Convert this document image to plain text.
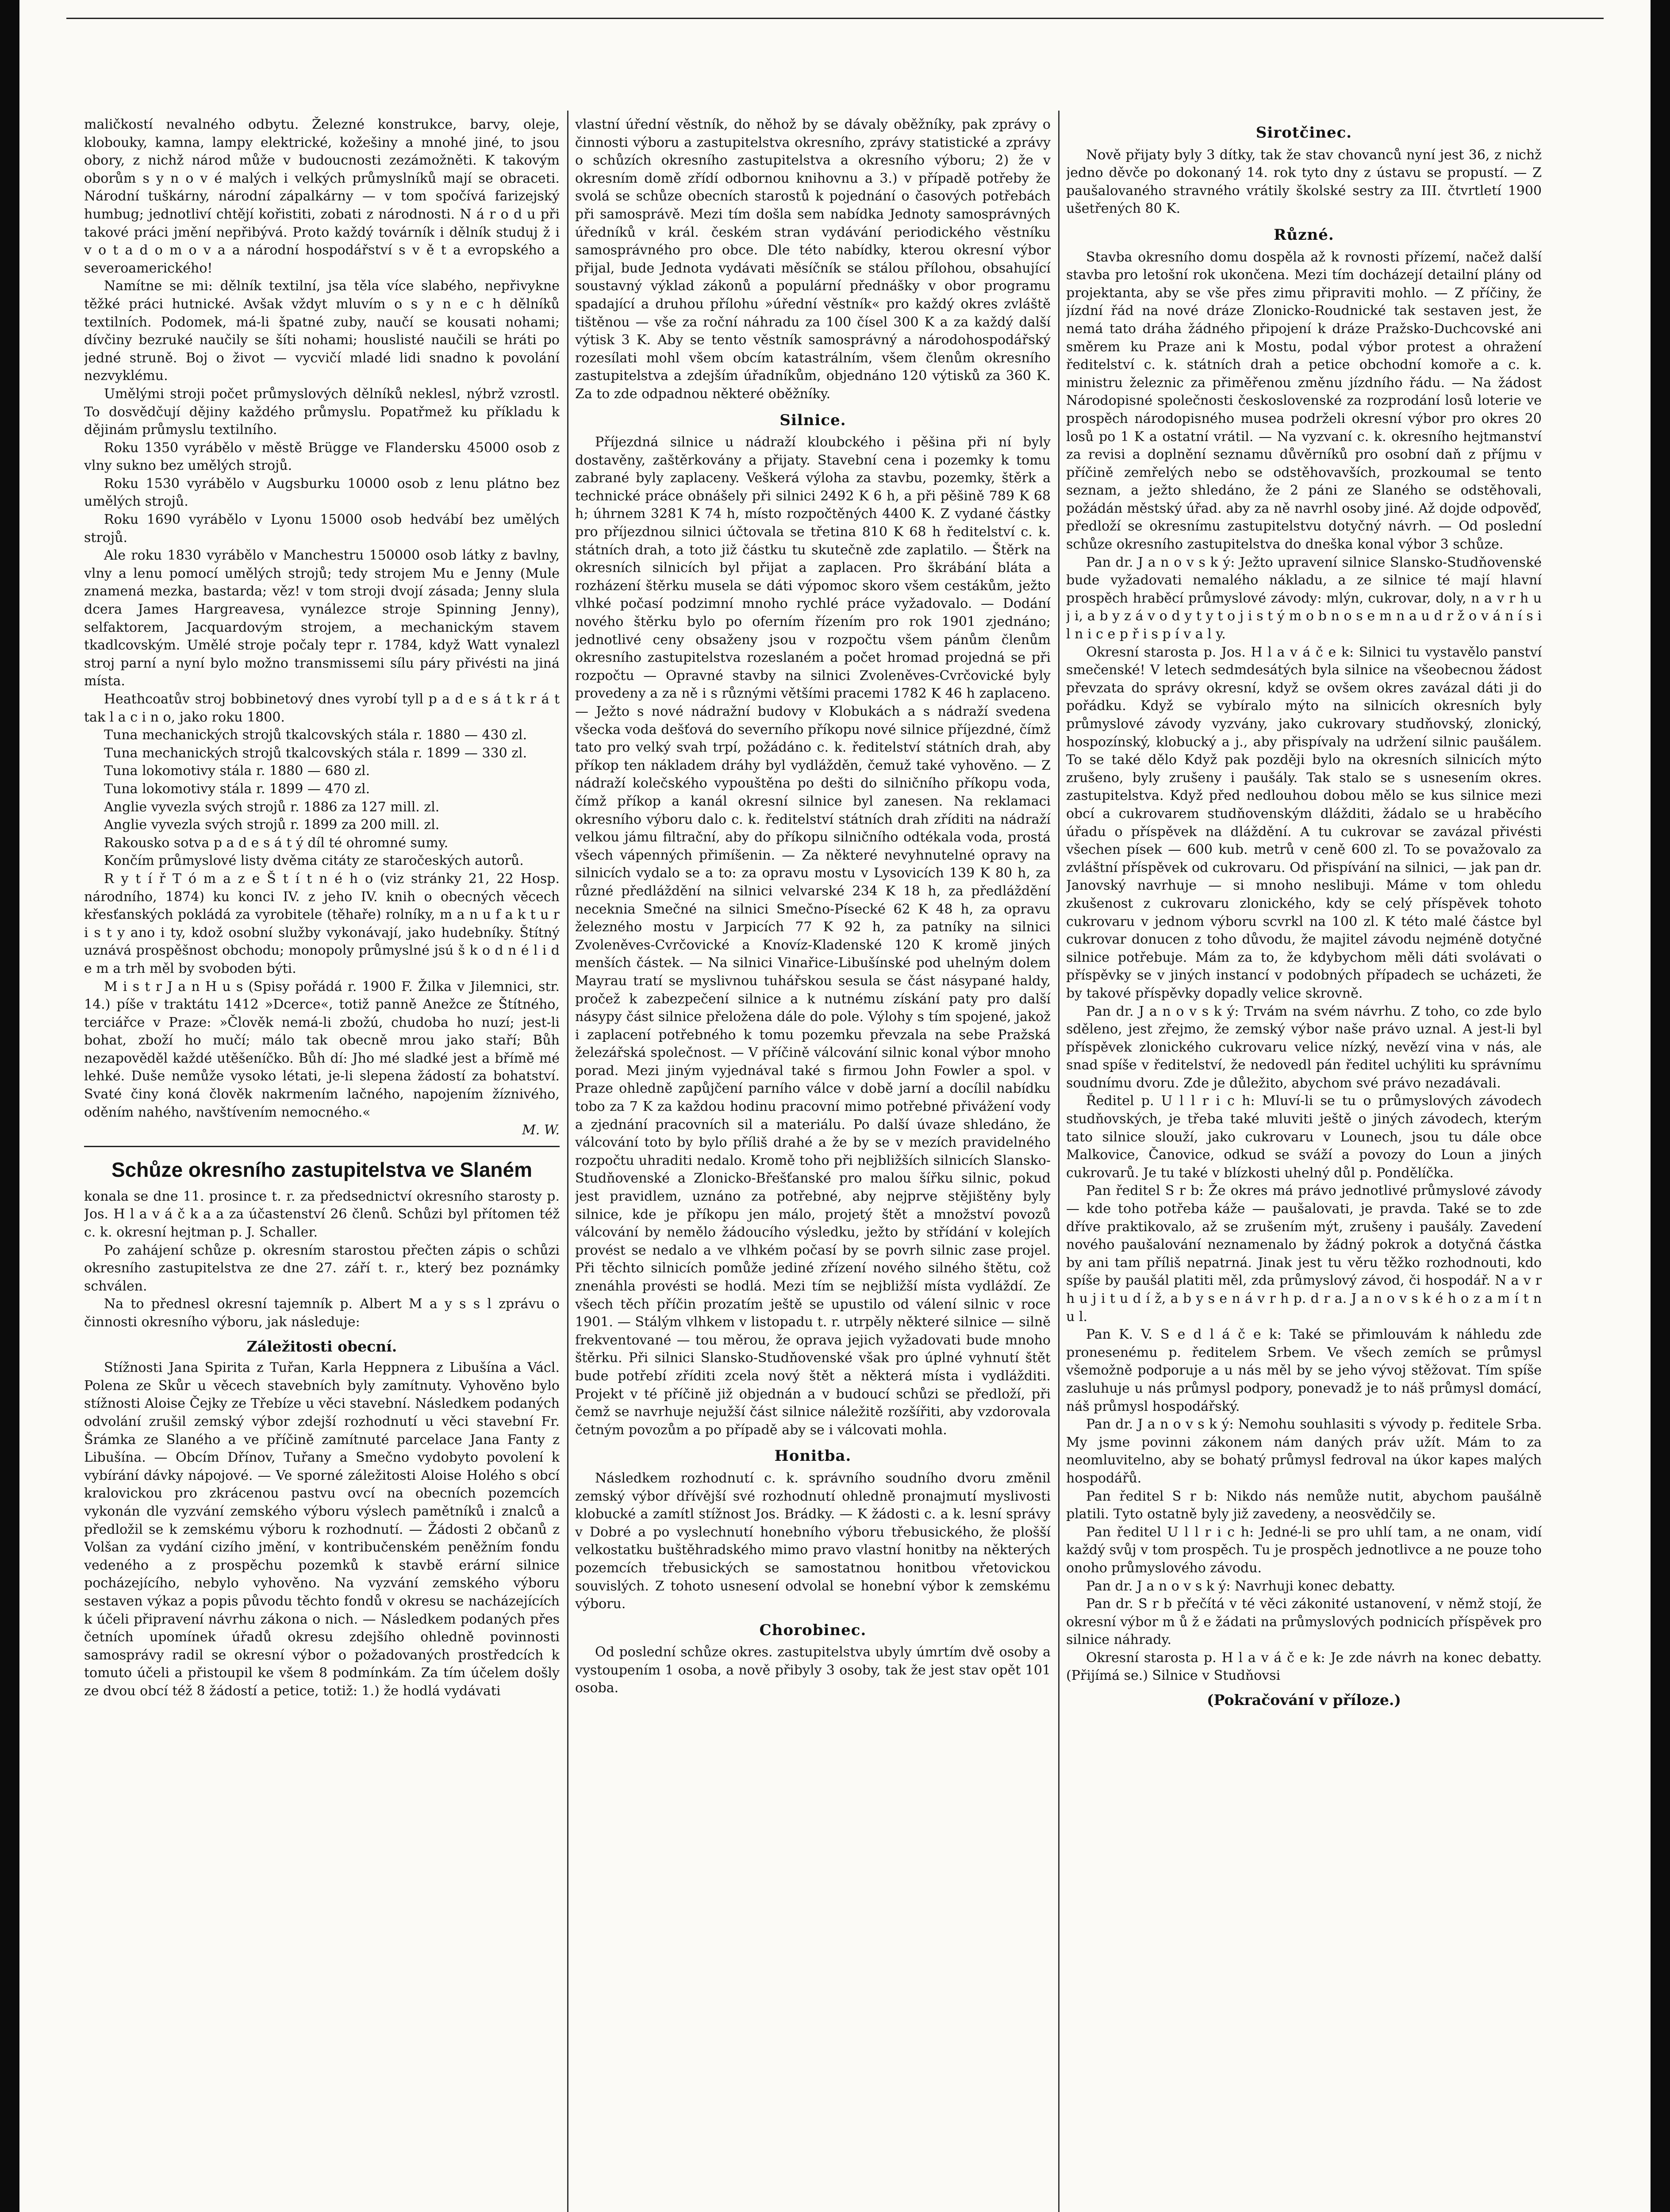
maličkostí nevalného odbytu. Železné konstrukce, barvy, oleje, klobouky, kamna, lampy elektrické, kožešiny a mnohé jiné, to jsou obory, z nichž národ může v budoucnosti zezámožněti. K takovým oborům s y n o v é malých i velkých průmyslníků mají se obraceti. Národní tuškárny, národní zápalkárny — v tom spočívá farizejský humbug; jednotliví chtějí kořistiti, zobati z národnosti. N á r o d u při takové práci jmění nepřibývá. Proto každý továrník i dělník studuj ž i v o t a d o m o v a a národní hospodářství s v ě t a evropského a severoamerického!

Namítne se mi: dělník textilní, jsa těla více slabého, nepřivykne těžké práci hutnické. Avšak vždyt mluvím o s y n e c h dělníků textilních. Podomek, má-li špatné zuby, naučí se kousati nohami; dívčiny bezruké naučily se šíti nohami; houslisté naučili se hráti po jedné struně. Boj o život — vycvičí mladé lidi snadno k povolání nezvyklému.

Umělými stroji počet průmyslových dělníků neklesl, nýbrž vzrostl. To dosvědčují dějiny každého průmyslu. Popatřmež ku příkladu k dějinám průmyslu textilního.

Roku 1350 vyrábělo v městě Brügge ve Flandersku 45000 osob z vlny sukno bez umělých strojů.

Roku 1530 vyrábělo v Augsburku 10000 osob z lenu plátno bez umělých strojů.

Roku 1690 vyrábělo v Lyonu 15000 osob hedvábí bez umělých strojů.

Ale roku 1830 vyrábělo v Manchestru 150000 osob látky z bavlny, vlny a lenu pomocí umělých strojů; tedy strojem Mu e Jenny (Mule znamená mezka, bastarda; věz! v tom stroji dvojí zásada; Jenny slula dcera James Hargreavesa, vynálezce stroje Spinning Jenny), selfaktorem, Jacquardovým strojem, a mechanickým stavem tkadlcovským. Umělé stroje počaly tepr r. 1784, když Watt vynalezl stroj parní a nyní bylo možno transmissemi sílu páry přivésti na jiná místa.

Heathcoatův stroj bobbinetový dnes vyrobí tyll p a d e s á t k r á t tak l a c i n o, jako roku 1800.

Tuna mechanických strojů tkalcovských stála r. 1880 — 430 zl.

Tuna mechanických strojů tkalcovských stála r. 1899 — 330 zl.

Tuna lokomotivy stála r. 1880 — 680 zl.

Tuna lokomotivy stála r. 1899 — 470 zl.

Anglie vyvezla svých strojů r. 1886 za 127 mill. zl.

Anglie vyvezla svých strojů r. 1899 za 200 mill. zl.

Rakousko sotva p a d e s á t ý díl té ohromné sumy.

Končím průmyslové listy dvěma citáty ze staročeských autorů.

R y t í ř T ó m a z e Š t í t n é h o (viz stránky 21, 22 Hosp. národního, 1874) ku konci IV. z jeho IV. knih o obecných věcech křesťanských pokládá za vyrobitele (těhaře) rolníky, m a n u f a k t u r i s t y ano i ty, kdož osobní služby vykonávají, jako hudebníky. Štítný uznává prospěšnost obchodu; monopoly průmyslné jsú š k o d n é l i d e m a trh měl by svoboden býti.

M i s t r J a n H u s (Spisy pořádá r. 1900 F. Žilka v Jilemnici, str. 14.) píše v traktátu 1412 »Dcerce«, totiž panně Anežce ze Štítného, terciářce v Praze: »Člověk nemá-li zbožú, chudoba ho nuzí; jest-li bohat, zboží ho mučí; málo tak obecně mrou jako staří; Bůh nezapověděl každé utěšeníčko. Bůh dí: Jho mé sladké jest a břímě mé lehké. Duše nemůže vysoko létati, je-li slepena žádostí za bohatství. Svaté činy koná člověk nakrmením lačného, napojením žíznivého, oděním nahého, navštívením nemocného.«

M. W.

Schůze okresního zastupitelstva ve Slaném

konala se dne 11. prosince t. r. za předsednictví okresního starosty p. Jos. H l a v á č k a a za účastenství 26 členů. Schůzi byl přítomen též c. k. okresní hejtman p. J. Schaller.

Po zahájení schůze p. okresním starostou přečten zápis o schůzi okresního zastupitelstva ze dne 27. září t. r., který bez poznámky schválen.

Na to přednesl okresní tajemník p. Albert M a y s s l zprávu o činnosti okresního výboru, jak následuje:

Záležitosti obecní.

Stížnosti Jana Spirita z Tuřan, Karla Heppnera z Libušína a Václ. Polena ze Skůr u věcech stavebních byly zamítnuty. Vyhověno bylo stížnosti Aloise Čejky ze Třebíze u věci stavební. Následkem podaných odvolání zrušil zemský výbor zdejší rozhodnutí u věci stavební Fr. Šrámka ze Slaného a ve příčině zamítnuté parcelace Jana Fanty z Libušína. — Obcím Dřínov, Tuřany a Smečno vydobyto povolení k vybírání dávky nápojové. — Ve sporné záležitosti Aloise Holého s obcí kralovickou pro zkrácenou pastvu ovcí na obecních pozemcích vykonán dle vyzvání zemského výboru výslech pamětníků i znalců a předložil se k zemskému výboru k rozhodnutí. — Žádosti 2 občanů z Volšan za vydání cizího jmění, v kontribučenském peněžním fondu vedeného a z prospěchu pozemků k stavbě erární silnice pocházejícího, nebylo vyhověno. Na vyzvání zemského výboru sestaven výkaz a popis původu těchto fondů v okresu se nacházejících k účeli připravení návrhu zákona o nich. — Následkem podaných přes četních upomínek úřadů okresu zdejšího ohledně povinnosti samosprávy radil se okresní výbor o požadovaných prostředcích k tomuto účeli a přistoupil ke všem 8 podmínkám. Za tím účelem došly ze dvou obcí též 8 žádostí a petice, totiž: 1.) že hodlá vydávati

vlastní úřední věstník, do něhož by se dávaly oběžníky, pak zprávy o činnosti výboru a zastupitelstva okresního, zprávy statistické a zprávy o schůzích okresního zastupitelstva a okresního výboru; 2) že v okresním domě zřídí odbornou knihovnu a 3.) v případě potřeby že svolá se schůze obecních starostů k pojednání o časových potřebách při samosprávě. Mezi tím došla sem nabídka Jednoty samosprávných úředníků v král. českém stran vydávání periodického věstníku samosprávného pro obce. Dle této nabídky, kterou okresní výbor přijal, bude Jednota vydávati měsíčník se stálou přílohou, obsahující soustavný výklad zákonů a populární přednášky v obor programu spadající a druhou přílohu »úřední věstník« pro každý okres zvláště tištěnou — vše za roční náhradu za 100 čísel 300 K a za každý další výtisk 3 K. Aby se tento věstník samosprávný a národohospodářský rozesílati mohl všem obcím katastrálním, všem členům okresního zastupitelstva a zdejším úřadníkům, objednáno 120 výtisků za 360 K. Za to zde odpadnou některé oběžníky.

Silnice.

Příjezdná silnice u nádraží kloubckého i pěšina při ní byly dostavěny, zaštěrkovány a přijaty. Stavební cena i pozemky k tomu zabrané byly zaplaceny. Veškerá výloha za stavbu, pozemky, štěrk a technické práce obnášely při silnici 2492 K 6 h, a při pěšině 789 K 68 h; úhrnem 3281 K 74 h, místo rozpočtěných 4400 K. Z vydané částky pro příjezdnou silnici účtovala se třetina 810 K 68 h ředitelství c. k. státních drah, a toto již částku tu skutečně zde zaplatilo. — Štěrk na okresních silnicích byl přijat a zaplacen. Pro škrábání bláta a rozházení štěrku musela se dáti výpomoc skoro všem cestákům, ježto vlhké počasí podzimní mnoho rychlé práce vyžadovalo. — Dodání nového štěrku bylo po oferním řízením pro rok 1901 zjednáno; jednotlivé ceny obsaženy jsou v rozpočtu všem pánům členům okresního zastupitelstva rozeslaném a počet hromad projedná se při rozpočtu — Opravné stavby na silnici Zvoleněves-Cvrčovické byly provedeny a za ně i s různými většími pracemi 1782 K 46 h zaplaceno. — Ježto s nové nádražní budovy v Klobukách a s nádraží svedena všecka voda dešťová do severního příkopu nové silnice příjezdné, čímž tato pro velký svah trpí, požádáno c. k. ředitelství státních drah, aby příkop ten nákladem dráhy byl vydlážděn, čemuž také vyhověno. — Z nádraží kolečského vypouštěna po dešti do silničního příkopu voda, čímž příkop a kanál okresní silnice byl zanesen. Na reklamaci okresního výboru dalo c. k. ředitelství státních drah zříditi na nádraží velkou jámu filtrační, aby do příkopu silničního odtékala voda, prostá všech vápenných přimíšenin. — Za některé nevyhnutelné opravy na silnicích vydalo se a to: za opravu mostu v Lysovicích 139 K 80 h, za různé předláždění na silnici velvarské 234 K 18 h, za předláždění neceknia Smečné na silnici Smečno-Písecké 62 K 48 h, za opravu železného mostu v Jarpicích 77 K 92 h, za patníky na silnici Zvoleněves-Cvrčovické a Knovíz-Kladenské 120 K kromě jiných menších částek. — Na silnici Vinařice-Libušínské pod uhelným dolem Mayrau tratí se myslivnou tuhářskou sesula se část násypané haldy, pročež k zabezpečení silnice a k nutnému získání paty pro další násypy část silnice přeložena dále do pole. Výlohy s tím spojené, jakož i zaplacení potřebného k tomu pozemku převzala na sebe Pražská železářská společnost. — V příčině válcování silnic konal výbor mnoho porad. Mezi jiným vyjednával také s firmou John Fowler a spol. v Praze ohledně zapůjčení parního válce v době jarní a docílil nabídku tobo za 7 K za každou hodinu pracovní mimo potřebné přivážení vody a zjednání pracovních sil a materiálu. Po další úvaze shledáno, že válcování toto by bylo příliš drahé a že by se v mezích pravidelného rozpočtu uhraditi nedalo. Kromě toho při nejbližších silnicích Slansko-Studňovenské a Zlonicko-Břešťanské pro malou šířku silnic, pokud jest pravidlem, uznáno za potřebné, aby nejprve stějištěny byly silnice, kde je příkopu jen málo, projetý štět a množství povozů válcování by nemělo žádoucího výsledku, ježto by střídání v kolejích provést se nedalo a ve vlhkém počasí by se povrh silnic zase projel. Při těchto silnicích pomůže jediné zřízení nového silného štětu, což znenáhla provésti se hodlá. Mezi tím se nejbližší místa vydláždí. Ze všech těch příčin prozatím ještě se upustilo od válení silnic v roce 1901. — Stálým vlhkem v listopadu t. r. utrpěly některé silnice — silně frekventované — tou měrou, že oprava jejich vyžadovati bude mnoho štěrku. Při silnici Slansko-Studňovenské však pro úplné vyhnutí štět bude potřebí zříditi zcela nový štět a některá místa i vydlážditi. Projekt v té příčině již objednán a v budoucí schůzi se předloží, při čemž se navrhuje nejužší část silnice náležitě rozšířiti, aby vzdorovala četným povozům a po případě aby se i válcovati mohla.

Honitba.

Následkem rozhodnutí c. k. správního soudního dvoru změnil zemský výbor dřívější své rozhodnutí ohledně pronajmutí myslivosti klobucké a zamítl stížnost Jos. Brádky. — K žádosti c. a k. lesní správy v Dobré a po vyslechnutí honebního výboru třebusického, že plošší velkostatku buštěhradského mimo pravo vlastní honitby na některých pozemcích třebusických se samostatnou honitbou vřetovickou souvislých. Z tohoto usnesení odvolal se honební výbor k zemskému výboru.

Chorobinec.

Od poslední schůze okres. zastupitelstva ubyly úmrtím dvě osoby a vystoupením 1 osoba, a nově přibyly 3 osoby, tak že jest stav opět 101 osoba.

Sirotčinec.

Nově přijaty byly 3 dítky, tak že stav chovanců nyní jest 36, z nichž jedno děvče po dokonaný 14. rok tyto dny z ústavu se propustí. — Z paušalovaného stravného vrátily školské sestry za III. čtvrtletí 1900 ušetřených 80 K.

Různé.

Stavba okresního domu dospěla až k rovnosti přízemí, načež další stavba pro letošní rok ukončena. Mezi tím docházejí detailní plány od projektanta, aby se vše přes zimu připraviti mohlo. — Z příčiny, že jízdní řád na nové dráze Zlonicko-Roudnické tak sestaven jest, že nemá tato dráha žádného připojení k dráze Pražsko-Duchcovské ani směrem ku Praze ani k Mostu, podal výbor protest a ohražení ředitelství c. k. státních drah a petice obchodní komoře a c. k. ministru železnic za přiměřenou změnu jízdního řádu. — Na žádost Národopisné společnosti československé za rozprodání losů loterie ve prospěch národopisného musea podrželi okresní výbor pro okres 20 losů po 1 K a ostatní vrátil. — Na vyzvaní c. k. okresního hejtmanství za revisi a doplnění seznamu důvěrníků pro osobní daň z příjmu v příčině zemřelých nebo se odstěhovavších, prozkoumal se tento seznam, a ježto shledáno, že 2 páni ze Slaného se odstěhovali, požádán městský úřad. aby za ně navrhl osoby jiné. Až dojde odpověď, předloží se okresnímu zastupitelstvu dotyčný návrh. — Od poslední schůze okresního zastupitelstva do dneška konal výbor 3 schůze.

Pan dr. J a n o v s k ý: Ježto upravení silnice Slansko-Studňovenské bude vyžadovati nemalého nákladu, a ze silnice té mají hlavní prospěch hraběcí průmyslové závody: mlýn, cukrovar, doly, n a v r h u j i, a b y z á v o d y t y t o j i s t ý m o b n o s e m n a u d r ž o v á n í s i l n i c e p ř i s p í v a l y.

Okresní starosta p. Jos. H l a v á č e k: Silnici tu vystavělo panství smečenské! V letech sedmdesátých byla silnice na všeobecnou žádost převzata do správy okresní, když se ovšem okres zavázal dáti ji do pořádku. Když se vybíralo mýto na silnicích okresních byly průmyslové závody vyzvány, jako cukrovary studňovský, zlonický, hospozínský, klobucký a j., aby přispívaly na udržení silnic paušálem. To se také dělo Když pak později bylo na okresních silnicích mýto zrušeno, byly zrušeny i paušály. Tak stalo se s usnesením okres. zastupitelstva. Když před nedlouhou dobou mělo se kus silnice mezi obcí a cukrovarem studňovenským dlážditi, žádalo se u hraběcího úřadu o příspěvek na dláždění. A tu cukrovar se zavázal přivésti všechen písek — 600 kub. metrů v ceně 600 zl. To se považovalo za zvláštní příspěvek od cukrovaru. Od přispívání na silnici, — jak pan dr. Janovský navrhuje — si mnoho neslibuji. Máme v tom ohledu zkušenost z cukrovaru zlonického, kdy se celý příspěvek tohoto cukrovaru v jednom výboru scvrkl na 100 zl. K této malé částce byl cukrovar donucen z toho důvodu, že majitel závodu nejméně dotyčné silnice potřebuje. Mám za to, že kdybychom měli dáti svolávati o příspěvky se v jiných instancí v podobných případech se ucházeti, že by takové příspěvky dopadly velice skrovně.

Pan dr. J a n o v s k ý: Trvám na svém návrhu. Z toho, co zde bylo sděleno, jest zřejmo, že zemský výbor naše právo uznal. A jest-li byl příspěvek zlonického cukrovaru velice nízký, nevězí vina v nás, ale snad spíše v ředitelství, že nedovedl pán ředitel uchýliti ku správnímu soudnímu dvoru. Zde je důležito, abychom své právo nezadávali.

Ředitel p. U l l r i c h: Mluví-li se tu o průmyslových závodech studňovských, je třeba také mluviti ještě o jiných závodech, kterým tato silnice slouží, jako cukrovaru v Lounech, jsou tu dále obce Malkovice, Čanovice, odkud se sváží a povozy do Loun a jiných cukrovarů. Je tu také v blízkosti uhelný důl p. Pondělíčka.

Pan ředitel S r b: Že okres má právo jednotlivé průmyslové závody — kde toho potřeba káže — paušalovati, je pravda. Také se to zde dříve praktikovalo, až se zrušením mýt, zrušeny i paušály. Zavedení nového paušalování neznamenalo by žádný pokrok a dotyčná částka by ani tam příliš nepatrná. Jinak jest tu věru těžko rozhodnouti, kdo spíše by paušál platiti měl, zda průmyslový závod, či hospodář. N a v r h u j i t u d í ž, a b y s e n á v r h p. d r a. J a n o v s k é h o z a m í t n u l.

Pan K. V. S e d l á č e k: Také se přimlouvám k náhledu zde pronesenému p. ředitelem Srbem. Ve všech zemích se průmysl všemožně podporuje a u nás měl by se jeho vývoj stěžovat. Tím spíše zasluhuje u nás průmysl podpory, ponevadž je to náš průmysl domácí, náš průmysl hospodářský.

Pan dr. J a n o v s k ý: Nemohu souhlasiti s vývody p. ředitele Srba. My jsme povinni zákonem nám daných práv užít. Mám to za neomluvitelno, aby se bohatý průmysl fedroval na úkor kapes malých hospodářů.

Pan ředitel S r b: Nikdo nás nemůže nutit, abychom paušálně platili. Tyto ostatně byly již zavedeny, a neosvědčily se.

Pan ředitel U l l r i c h: Jedné-li se pro uhlí tam, a ne onam, vidí každý svůj v tom prospěch. Tu je prospěch jednotlivce a ne pouze toho onoho průmyslového závodu.

Pan dr. J a n o v s k ý: Navrhuji konec debatty.

Pan dr. S r b přečítá v té věci zákonité ustanovení, v němž stojí, že okresní výbor m ů ž e žádati na průmyslových podnicích příspěvek pro silnice náhrady.

Okresní starosta p. H l a v á č e k: Je zde návrh na konec debatty. (Přijímá se.) Silnice v Studňovsi

(Pokračování v příloze.)
